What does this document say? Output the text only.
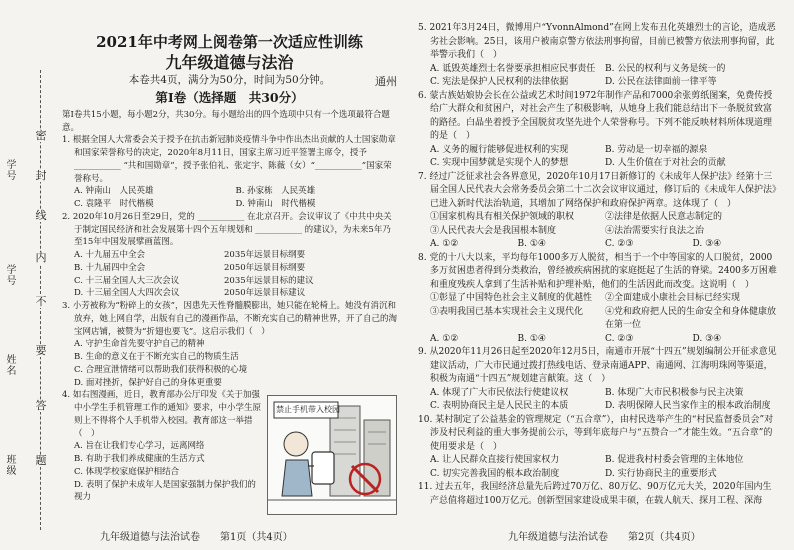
学号
学号
姓名
班级
密
封
线
内
不
要
答
题
2021年中考网上阅卷第一次适应性训练
九年级道德与法治
通州
本卷共4页，满分为50分，时间为50分钟。
第Ⅰ卷（选择题　共30分）

第Ⅰ卷共15小题，每小题2分，共30分。每小题给出的四个选项中只有一个选项最符合题意。

1. 根据全国人大常委会关于授予在抗击新冠肺炎疫情斗争中作出杰出贡献的人士国家勋章和国家荣誉称号的决定，2020年8月11日，国家主席习近平签署主席令，授予 ___________ “共和国勋章”，授予张伯礼、张定宇、陈薇（女）“___________”国家荣誉称号。

A. 钟南山　人民英雄	B. 孙家栋　人民英雄
C. 袁隆平　时代楷模	D. 钟南山　时代楷模

2. 2020年10月26日至29日，党的 ___________ 在北京召开。会议审议了《中共中央关于制定国民经济和社会发展第十四个五年规划和 ___________ 的建议》，为未来5年乃至15年中国发展擘画蓝图。

A. 十九届五中全会	2035年远景目标纲要
B. 十九届四中全会	2050年远景目标纲要
C. 十三届全国人大三次会议	2035年远景目标的建议
D. 十三届全国人大四次会议	2050年远景目标建议

3. 小芳被称为“粉碎上的女孩”，因患先天性脊髓膜膨出，她只能在轮椅上。她没有消沉和放弃，她上网自学，出版有自己的漫画作品，不断充实自己的精神世界，开了自己的淘宝网店铺，被赞为“折翅也要飞”。这启示我们（　）

A. 守护生命首先要守护自己的精神
B. 生命的意义在于不断充实自己的物质生活
C. 合理宣泄情绪可以帮助我们获得积极的心境
D. 面对挫折，保护好自己的身体更重要

4. 如右图漫画，近日，教育部办公厅印发《关于加强中小学生手机管理工作的通知》要求，中小学生原则上不得将个人手机带入校园。教育部这一举措（　）

A. 旨在让我们专心学习，远离网络
B. 有助于我们养成健康的生活方式
C. 体现学校家庭保护相结合
D. 表明了保护未成年人是国家强制力保护我们的视力
禁止手机带入校园

5. 2021年3月24日，微博用户“YvonnAlmond”在网上发布丑化英雄烈士的言论，造成恶劣社会影响。25日，该用户被南京警方依法刑事拘留，目前已被警方依法刑事拘留，此举警示我们（　）

A. 诋毁英雄烈士名誉要承担相应民事责任	B. 公民的权利与义务是统一的
C. 宪法是保护人民权利的法律依据	D. 公民在法律面前一律平等

6. 蒙古族姑娘协会长在公益或艺术时间1972年制作产品和7000余张剪纸图案，免费传授给广大群众和贫困户，对社会产生了积极影响，从她身上我们能总结出下一条脱贫致富的路径。白晶坐着授予全国脱贫攻坚先进个人荣誉称号。下列不能反映材料所体现道理的是（　）

A. 义务的履行能够促进权利的实现	B. 劳动是一切幸福的源泉
C. 实现中国梦就是实现个人的梦想	D. 人生价值在于对社会的贡献

7. 经过广泛征求社会各界意见，2020年10月17日新修订的《未成年人保护法》经第十三届全国人民代表大会常务委员会第二十二次会议审议通过，修订后的《未成年人保护法》已进入新时代法治轨道，其增加了网络保护和政府保护两章。这体现了（　）

①国家机构具有相关保护领域的职权	②法律是依据人民意志制定的
③人民代表大会是我国根本制度	④法治需要实行良法之治
A. ①②	B. ①④	C. ②③	D. ③④

8. 党的十八大以来，平均每年1000多万人脱贫，相当于一个中等国家的人口脱贫，2000多万贫困患者得到分类救治，曾经被疾病困扰的家庭挺起了生活的脊梁。2400多万困难和重度残疾人拿到了生活补贴和护理补贴，他们的生活因此而改变。这说明（　）

①彰显了中国特色社会主义制度的优越性	②全面建成小康社会目标已经实现
③表明我国已基本实现社会主义现代化	④党和政府把人民的生命安全和身体健康放在第一位
A. ①②	B. ①④	C. ②③	D. ③④

9. 从2020年11月26日起至2020年12月5日，南通市开展“十四五”规划编制公开征求意见建议活动，广大市民通过拨打热线电话、登录南通APP、南通网、江海明珠网等渠道，积极为南通“十四五”规划建言献策。这（　）

A. 体现了广大市民依法行使建议权	B. 体现广大市民积极参与民主决策
C. 表明协商民主是人民民主的本质	D. 表明保障人民当家作主的根本政治制度

10. 某村制定了公益基金的管理规定（“五合章”），由村民选举产生的“村民监督委员会”对涉及村民利益的重大事务提前公示，等到年底每户与“五赞合一”才能生效。“五合章”的使用要求是（　）

A. 让人民群众直接行使国家权力	B. 促进我村村委会管理的主体地位
C. 切实完善我国的根本政治制度	D. 实行协商民主的重要形式

11. 过去五年，我国经济总量先后跨过70万亿、80万亿、90万亿元大关，2020年国内生产总值将超过100万亿元。创新型国家建设成果丰硕，在载人航天、探月工程、深海

九年级道德与法治试卷　　第1页（共4页）	九年级道德与法治试卷　　第2页（共4页）
